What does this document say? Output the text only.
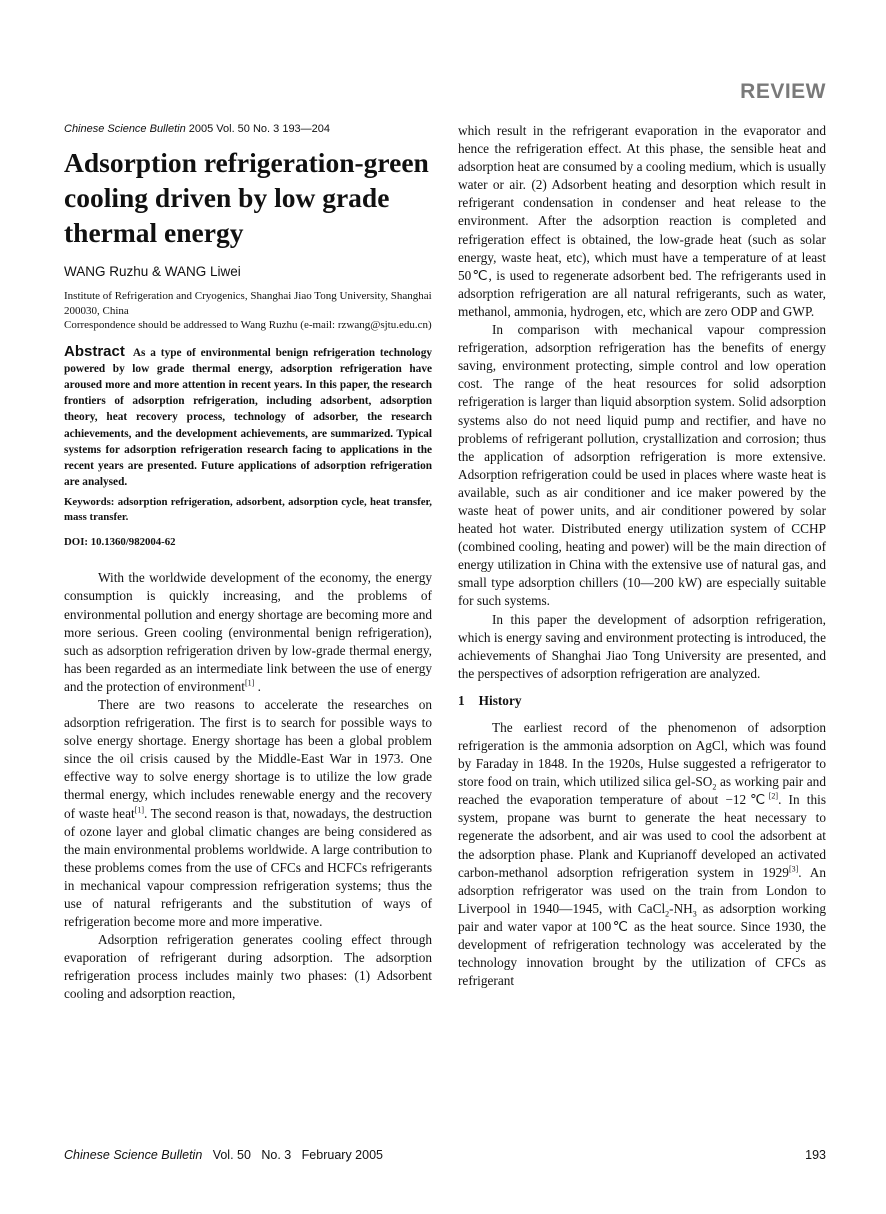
REVIEW
Chinese Science Bulletin 2005 Vol. 50 No. 3 193—204
Adsorption refrigeration-green cooling driven by low grade thermal energy
WANG Ruzhu & WANG Liwei
Institute of Refrigeration and Cryogenics, Shanghai Jiao Tong University, Shanghai 200030, China
Correspondence should be addressed to Wang Ruzhu (e-mail: rzwang@sjtu.edu.cn)
Abstract As a type of environmental benign refrigeration technology powered by low grade thermal energy, adsorption refrigeration have aroused more and more attention in recent years. In this paper, the research frontiers of adsorption refrigeration, including adsorbent, adsorption theory, heat recovery process, technology of adsorber, the research achievements, and the development achievements, are summarized. Typical systems for adsorption refrigeration research facing to applications in the recent years are presented. Future applications of adsorption refrigeration are analysed.
Keywords: adsorption refrigeration, adsorbent, adsorption cycle, heat transfer, mass transfer.
DOI: 10.1360/982004-62

With the worldwide development of the economy, the energy consumption is quickly increasing, and the problems of environmental pollution and energy shortage are becoming more and more serious. Green cooling (environmental benign refrigeration), such as adsorption refrigeration driven by low-grade thermal energy, has been regarded as an intermediate link between the use of energy and the protection of environment[1] .

There are two reasons to accelerate the researches on adsorption refrigeration. The first is to search for possible ways to solve energy shortage. Energy shortage has been a global problem since the oil crisis caused by the Middle-East War in 1973. One effective way to solve energy shortage is to utilize the low grade thermal energy, which includes renewable energy and the recovery of waste heat[1]. The second reason is that, nowadays, the destruction of ozone layer and global climatic changes are being considered as the main environmental problems worldwide. A large contribution to these problems comes from the use of CFCs and HCFCs refrigerants in mechanical vapour compression refrigeration systems; thus the use of natural refrigerants and the substitution of ways of refrigeration become more and more imperative.

Adsorption refrigeration generates cooling effect through evaporation of refrigerant during adsorption. The adsorption refrigeration process includes mainly two phases: (1) Adsorbent cooling and adsorption reaction,

which result in the refrigerant evaporation in the evaporator and hence the refrigeration effect. At this phase, the sensible heat and adsorption heat are consumed by a cooling medium, which is usually water or air. (2) Adsorbent heating and desorption which result in refrigerant condensation in condenser and heat release to the environment. After the adsorption reaction is completed and refrigeration effect is obtained, the low-grade heat (such as solar energy, waste heat, etc), which must have a temperature of at least 50℃, is used to regenerate adsorbent bed. The refrigerants used in adsorption refrigeration are all natural refrigerants, such as water, methanol, ammonia, hydrogen, etc, which are zero ODP and GWP.

In comparison with mechanical vapour compression refrigeration, adsorption refrigeration has the benefits of energy saving, environment protecting, simple control and low operation cost. The range of the heat resources for solid adsorption refrigeration is larger than liquid absorption system. Solid adsorption systems also do not need liquid pump and rectifier, and have no problems of refrigerant pollution, crystallization and corrosion; thus the application of adsorption refrigeration is more extensive. Adsorption refrigeration could be used in places where waste heat is available, such as air conditioner and ice maker powered by the waste heat of power units, and air conditioner powered by solar heated hot water. Distributed energy utilization system of CCHP (combined cooling, heating and power) will be the main direction of energy utilization in China with the extensive use of natural gas, and small type adsorption chillers (10—200 kW) are especially suitable for such systems.

In this paper the development of adsorption refrigeration, which is energy saving and environment protecting is introduced, the achievements of Shanghai Jiao Tong University are presented, and the perspectives of adsorption refrigeration are analyzed.

1 History

The earliest record of the phenomenon of adsorption refrigeration is the ammonia adsorption on AgCl, which was found by Faraday in 1848. In the 1920s, Hulse suggested a refrigerator to store food on train, which utilized silica gel-$SO_2$ as working pair and reached the evaporation temperature of about −12℃[2]. In this system, propane was burnt to generate the heat necessary to regenerate the adsorbent, and air was used to cool the adsorbent at the adsorption phase. Plank and Kuprianoff developed an activated carbon-methanol adsorption refrigeration system in 1929[3]. An adsorption refrigerator was used on the train from London to Liverpool in 1940—1945, with $CaCl_2-NH_3$ as adsorption working pair and water vapor at 100℃ as the heat source. Since 1930, the development of refrigeration technology was accelerated by the technology innovation brought by the utilization of CFCs as refrigerant

Chinese Science Bulletin Vol. 50 No. 3 February 2005	193
